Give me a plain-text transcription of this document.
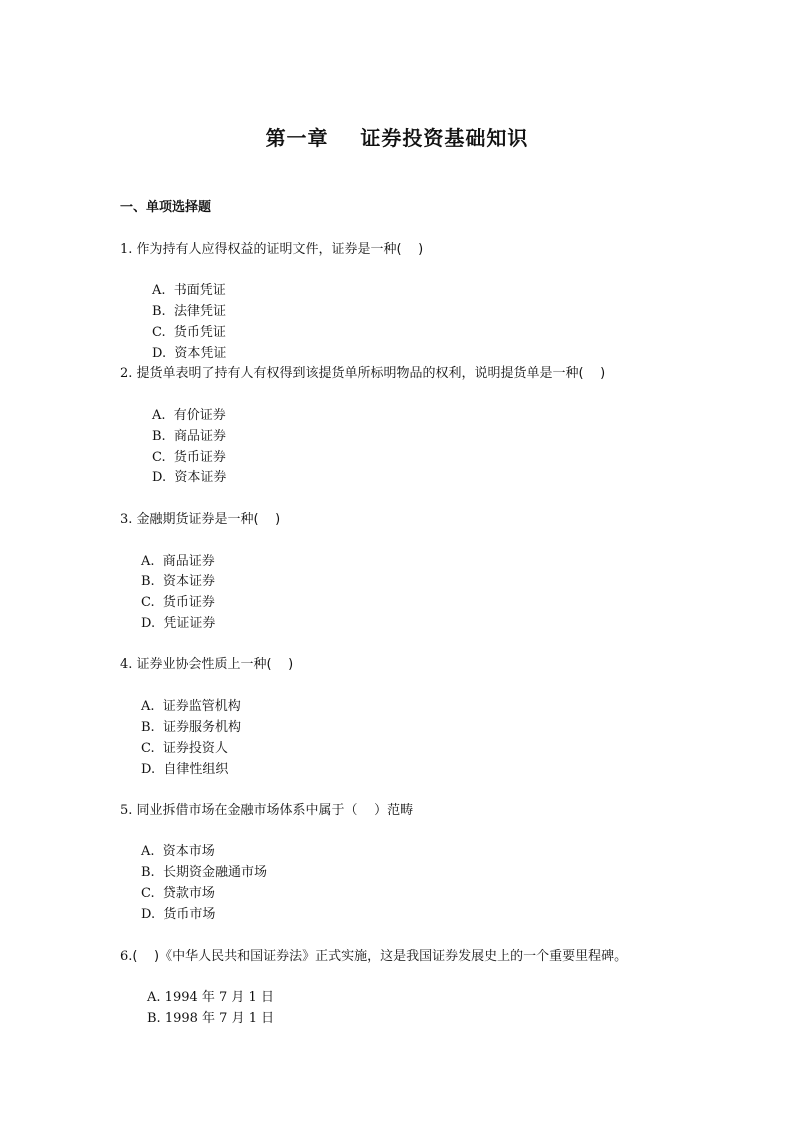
第一章    证券投资基础知识
一、单项选择题
1. 作为持有人应得权益的证明文件，证券是一种(    )
A. 书面凭证
B. 法律凭证
C. 货币凭证
D. 资本凭证
2. 提货单表明了持有人有权得到该提货单所标明物品的权利，说明提货单是一种(    )
A. 有价证券
B. 商品证券
C. 货币证券
D. 资本证券
3. 金融期货证券是一种(    )
A. 商品证券
B. 资本证券
C. 货币证券
D. 凭证证券
4. 证券业协会性质上一种(    )
A. 证券监管机构
B. 证券服务机构
C. 证券投资人
D. 自律性组织
5. 同业拆借市场在金融市场体系中属于（    ）范畴
A. 资本市场
B. 长期资金融通市场
C. 贷款市场
D. 货币市场
6.(    )《中华人民共和国证券法》正式实施，这是我国证券发展史上的一个重要里程碑。
A. 1994 年 7 月 1 日
B. 1998 年 7 月 1 日
